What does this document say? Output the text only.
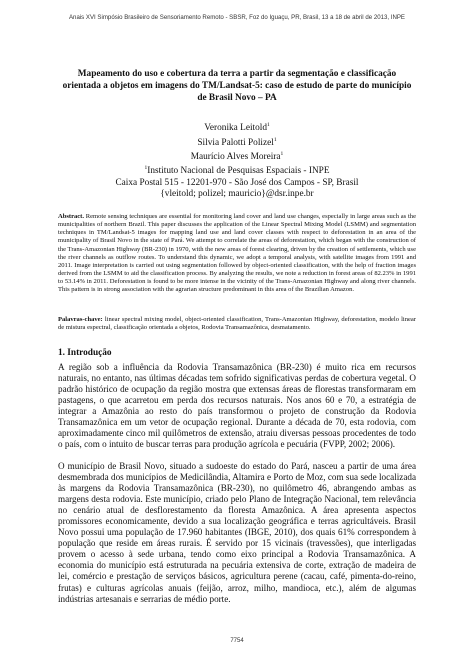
Anais XVI Simpósio Brasileiro de Sensoriamento Remoto - SBSR, Foz do Iguaçu, PR, Brasil, 13 a 18 de abril de 2013, INPE
Mapeamento do uso e cobertura da terra a partir da segmentação e classificação orientada a objetos em imagens do TM/Landsat-5: caso de estudo de parte do município de Brasil Novo – PA
Veronika Leitold$^1$
Silvia Palotti Polizel$^1$
Maurício Alves Moreira$^1$
$^1$Instituto Nacional de Pesquisas Espaciais - INPE
Caixa Postal 515 - 12201-970 - São José dos Campos - SP, Brasil
{vleitold; polizel; mauricio}@dsr.inpe.br

Abstract. Remote sensing techniques are essential for monitoring land cover and land use changes, especially in large areas such as the municipalities of northern Brazil. This paper discusses the application of the Linear Spectral Mixing Model (LSMM) and segmentation techniques in TM/Landsat-5 images for mapping land use and land cover classes with respect to deforestation in an area of the municipality of Brasil Novo in the state of Pará. We attempt to correlate the areas of deforestation, which began with the construction of the Trans-Amazonian Highway (BR-230) in 1970, with the new areas of forest clearing, driven by the creation of settlements, which use the river channels as outflow routes. To understand this dynamic, we adopt a temporal analysis, with satellite images from 1991 and 2011. Image interpretation is carried out using segmentation followed by object-oriented classification, with the help of fraction images derived from the LSMM to aid the classification process. By analyzing the results, we note a reduction in forest areas of 82.23% in 1991 to 53.14% in 2011. Deforestation is found to be more intense in the vicinity of the Trans-Amazonian Highway and along river channels. This pattern is in strong association with the agrarian structure predominant in this area of the Brazilian Amazon.

Palavras-chave: linear spectral mixing model, object-oriented classification, Trans-Amazonian Highway, deforestation, modelo linear de mistura espectral, classificação orientada a objetos, Rodovia Transamazônica, desmatamento.

1. Introdução

A região sob a influência da Rodovia Transamazônica (BR-230) é muito rica em recursos naturais, no entanto, nas últimas décadas tem sofrido significativas perdas de cobertura vegetal. O padrão histórico de ocupação da região mostra que extensas áreas de florestas transformaram em pastagens, o que acarretou em perda dos recursos naturais. Nos anos 60 e 70, a estratégia de integrar a Amazônia ao resto do país transformou o projeto de construção da Rodovia Transamazônica em um vetor de ocupação regional. Durante a década de 70, esta rodovia, com aproximadamente cinco mil quilômetros de extensão, atraiu diversas pessoas procedentes de todo o país, com o intuito de buscar terras para produção agrícola e pecuária (FVPP, 2002; 2006).

O município de Brasil Novo, situado a sudoeste do estado do Pará, nasceu a partir de uma área desmembrada dos municípios de Medicilândia, Altamira e Porto de Moz, com sua sede localizada às margens da Rodovia Transamazônica (BR-230), no quilômetro 46, abrangendo ambas as margens desta rodovia. Este município, criado pelo Plano de Integração Nacional, tem relevância no cenário atual de desflorestamento da floresta Amazônica. A área apresenta aspectos promissores economicamente, devido a sua localização geográfica e terras agricultáveis. Brasil Novo possui uma população de 17.960 habitantes (IBGE, 2010), dos quais 61% correspondem à população que reside em áreas rurais. É servido por 15 vicinais (travessões), que interligadas provem o acesso à sede urbana, tendo como eixo principal a Rodovia Transamazônica. A economia do município está estruturada na pecuária extensiva de corte, extração de madeira de lei, comércio e prestação de serviços básicos, agricultura perene (cacau, café, pimenta-do-reino, frutas) e culturas agrícolas anuais (feijão, arroz, milho, mandioca, etc.), além de algumas indústrias artesanais e serrarias de médio porte.

7754
